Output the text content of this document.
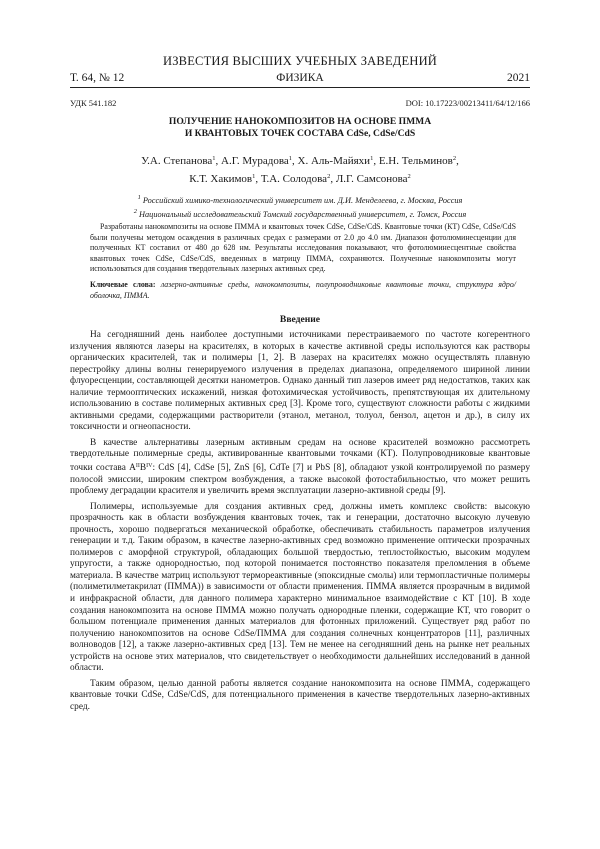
ИЗВЕСТИЯ ВЫСШИХ УЧЕБНЫХ ЗАВЕДЕНИЙ
Т. 64, № 12	ФИЗИКА	2021
УДК 541.182	DOI: 10.17223/00213411/64/12/166
ПОЛУЧЕНИЕ НАНОКОМПОЗИТОВ НА ОСНОВЕ ПММА
И КВАНТОВЫХ ТОЧЕК СОСТАВА CdSe, CdSe/CdS
У.А. Степанова$^1$, А.Г. Мурадова$^1$, Х. Аль-Майяхи$^1$, Е.Н. Тельминов$^2$,
К.Т. Хакимов$^1$, Т.А. Солодова$^2$, Л.Г. Самсонова$^2$
$^1$ Российский химико-технологический университет им. Д.И. Менделеева, г. Москва, Россия
$^2$ Национальный исследовательский Томский государственный университет, г. Томск, Россия
Разработаны нанокомпозиты на основе ПММА и квантовых точек CdSe, CdSe/CdS. Квантовые точки (КТ) CdSe, CdSe/CdS были получены методом осаждения в различных средах с размерами от 2.0 до 4.0 нм. Диапазон фотолюминесценции для полученных КТ составил от 480 до 628 нм. Результаты исследования показывают, что фотолюминесцентные свойства квантовых точек CdSe, CdSe/CdS, введенных в матрицу ПММА, сохраняются. Полученные нанокомпозиты могут использоваться для создания твердотельных лазерных активных сред.
Ключевые слова: лазерно-активные среды, нанокомпозиты, полупроводниковые квантовые точки, структура ядро/оболочка, ПММА.
Введение

На сегодняшний день наиболее доступными источниками перестраиваемого по частоте когерентного излучения являются лазеры на красителях, в которых в качестве активной среды используются как растворы органических красителей, так и полимеры [1, 2]. В лазерах на красителях можно осуществлять плавную перестройку длины волны генерируемого излучения в пределах диапазона, определяемого шириной линии флуоресценции, составляющей десятки нанометров. Однако данный тип лазеров имеет ряд недостатков, таких как наличие термооптических искажений, низкая фотохимическая устойчивость, препятствующая их длительному использованию в составе полимерных активных сред [3]. Кроме того, существуют сложности работы с жидкими активными средами, содержащими растворители (этанол, метанол, толуол, бензол, ацетон и др.), в силу их токсичности и огнеопасности.

В качестве альтернативы лазерным активным средам на основе красителей возможно рассмотреть твердотельные полимерные среды, активированные квантовыми точками (КТ). Полупроводниковые квантовые точки состава $A^{II}B^{IV}$: CdS [4], CdSe [5], ZnS [6], CdTe [7] и PbS [8], обладают узкой контролируемой по размеру полосой эмиссии, широким спектром возбуждения, а также высокой фотостабильностью, что может решить проблему деградации красителя и увеличить время эксплуатации лазерно-активной среды [9].

Полимеры, используемые для создания активных сред, должны иметь комплекс свойств: высокую прозрачность как в области возбуждения квантовых точек, так и генерации, достаточно высокую лучевую прочность, хорошо подвергаться механической обработке, обеспечивать стабильность параметров излучения генерации и т.д. Таким образом, в качестве лазерно-активных сред возможно применение оптически прозрачных полимеров с аморфной структурой, обладающих большой твердостью, теплостойкостью, высоким модулем упругости, а также однородностью, под которой понимается постоянство показателя преломления в объеме материала. В качестве матриц используют термореактивные (эпоксидные смолы) или термопластичные полимеры (полиметилметакрилат (ПММА)) в зависимости от области применения. ПММА является прозрачным в видимой и инфракрасной области, для данного полимера характерно минимальное взаимодействие с КТ [10]. В ходе создания нанокомпозита на основе ПММА можно получать однородные пленки, содержащие КТ, что говорит о большом потенциале применения данных материалов для фотонных приложений. Существует ряд работ по получению нанокомпозитов на основе CdSe/ПММА для создания солнечных концентраторов [11], различных волноводов [12], а также лазерно-активных сред [13]. Тем не менее на сегодняшний день на рынке нет реальных устройств на основе этих материалов, что свидетельствует о необходимости дальнейших исследований в данной области.

Таким образом, целью данной работы является создание нанокомпозита на основе ПММА, содержащего квантовые точки CdSe, CdSe/CdS, для потенциального применения в качестве твердотельных лазерно-активных сред.
